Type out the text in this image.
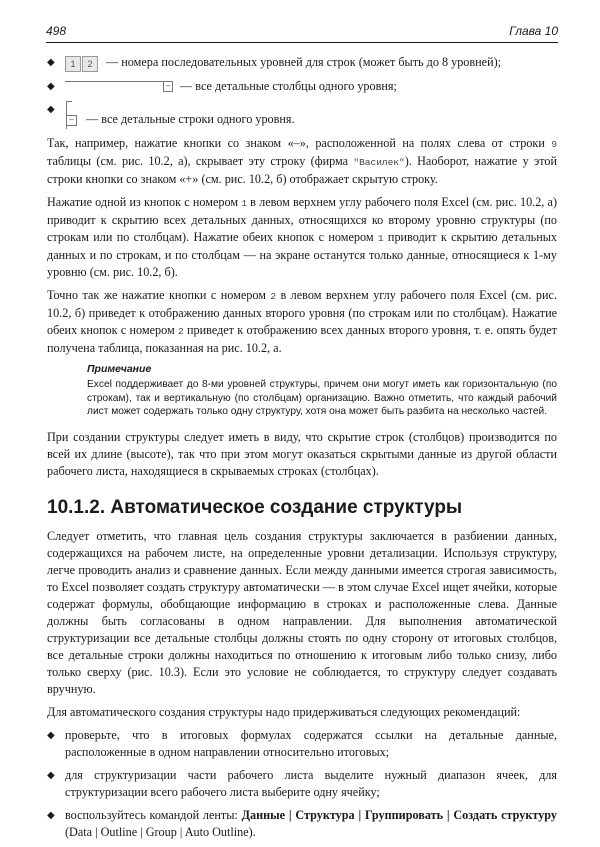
498	Глава 10
◆ 1 2 — номера последовательных уровней для строк (может быть до 8 уровней);
◆	– — все детальные столбцы одного уровня;
◆
– — все детальные строки одного уровня.

Так, например, нажатие кнопки со знаком «–», расположенной на полях слева от строки 9 таблицы (см. рис. 10.2, а), скрывает эту строку (фирма "Василек"). Наоборот, нажатие у этой строки кнопки со знаком «+» (см. рис. 10.2, б) отображает скрытую строку.

Нажатие одной из кнопок с номером 1 в левом верхнем углу рабочего поля Excel (см. рис. 10.2, а) приводит к скрытию всех детальных данных, относящихся ко второму уровню структуры (по строкам или по столбцам). Нажатие обеих кнопок с номером 1 приводит к скрытию детальных данных и по строкам, и по столбцам — на экране останутся только данные, относящиеся к 1-му уровню (см. рис. 10.2, б).

Точно так же нажатие кнопки с номером 2 в левом верхнем углу рабочего поля Excel (см. рис. 10.2, б) приведет к отображению данных второго уровня (по строкам или по столбцам). Нажатие обеих кнопок с номером 2 приведет к отображению всех данных второго уровня, т. е. опять будет получена таблица, показанная на рис. 10.2, а.

Примечание
Excel поддерживает до 8-ми уровней структуры, причем они могут иметь как горизонтальную (по строкам), так и вертикальную (по столбцам) организацию. Важно отметить, что каждый рабочий лист может содержать только одну структуру, хотя она может быть разбита на несколько частей.

При создании структуры следует иметь в виду, что скрытие строк (столбцов) производится по всей их длине (высоте), так что при этом могут оказаться скрытыми данные из другой области рабочего листа, находящиеся в скрываемых строках (столбцах).

10.1.2. Автоматическое создание структуры

Следует отметить, что главная цель создания структуры заключается в разбиении данных, содержащихся на рабочем листе, на определенные уровни детализации. Используя структуру, легче проводить анализ и сравнение данных. Если между данными имеется строгая зависимость, то Excel позволяет создать структуру автоматически — в этом случае Excel ищет ячейки, которые содержат формулы, обобщающие информацию в строках и расположенные слева. Данные должны быть согласованы в одном направлении. Для выполнения автоматической структуризации все детальные столбцы должны стоять по одну сторону от итоговых столбцов, все детальные строки должны находиться по отношению к итоговым либо только снизу, либо только сверху (рис. 10.3). Если это условие не соблюдается, то структуру следует создавать вручную.

Для автоматического создания структуры надо придерживаться следующих рекомендаций:

◆ проверьте, что в итоговых формулах содержатся ссылки на детальные данные, расположенные в одном направлении относительно итоговых;
◆ для структуризации части рабочего листа выделите нужный диапазон ячеек, для структуризации всего рабочего листа выберите одну ячейку;
◆ воспользуйтесь командой ленты: Данные | Структура | Группировать | Создать структуру (Data | Outline | Group | Auto Outline).
